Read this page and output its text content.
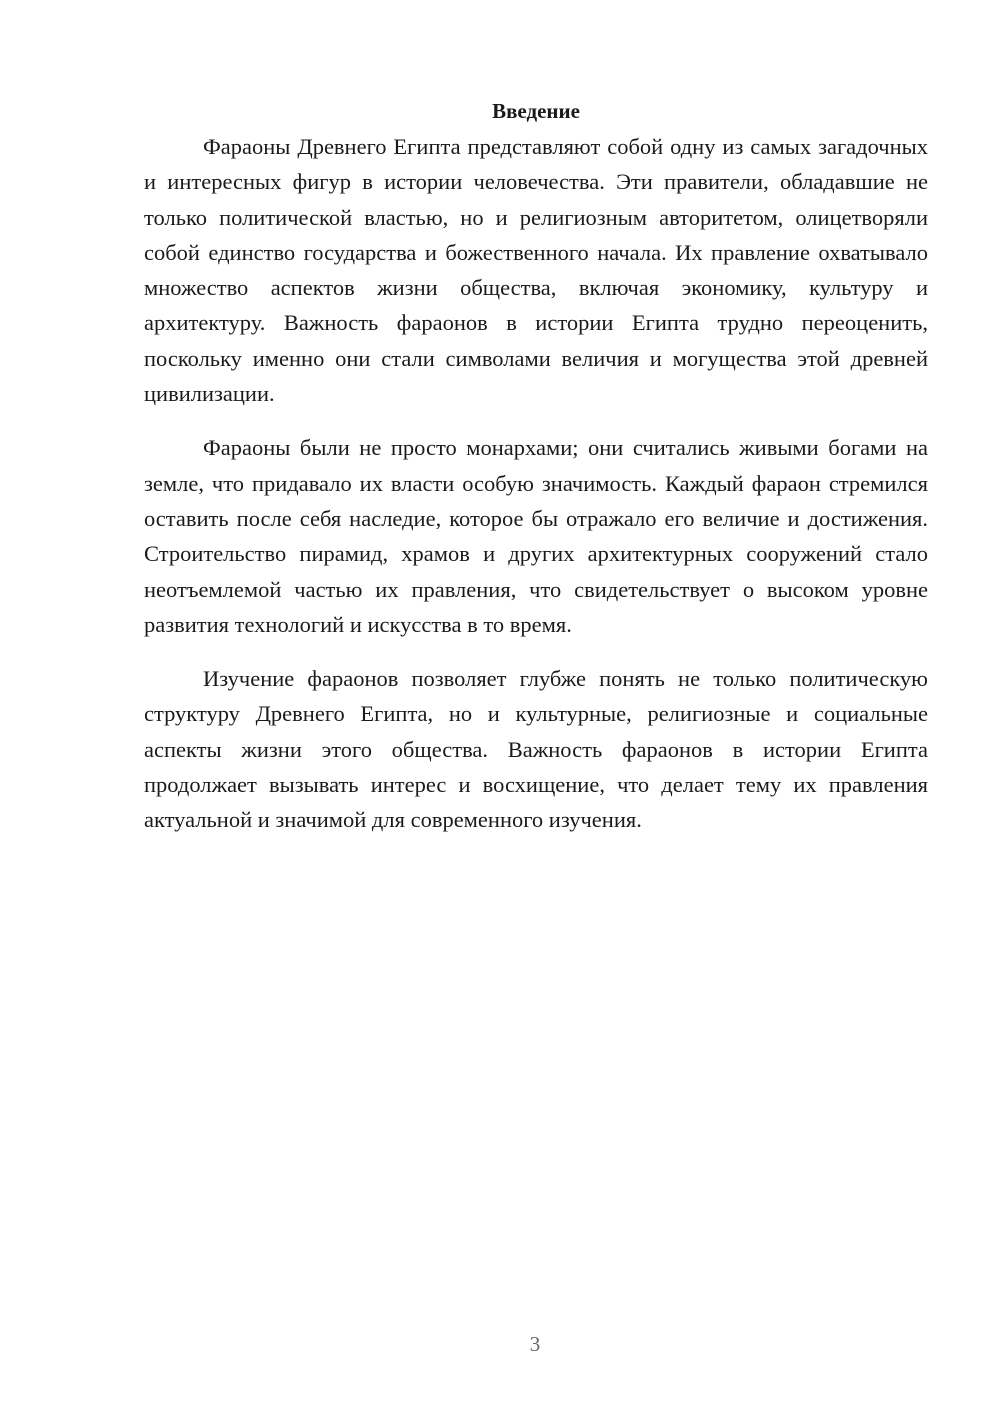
Введение

Фараоны Древнего Египта представляют собой одну из самых загадочных и интересных фигур в истории человечества. Эти правители, обладавшие не только политической властью, но и религиозным авторитетом, олицетворяли собой единство государства и божественного начала. Их правление охватывало множество аспектов жизни общества, включая экономику, культуру и архитектуру. Важность фараонов в истории Египта трудно переоценить, поскольку именно они стали символами величия и могущества этой древней цивилизации.

Фараоны были не просто монархами; они считались живыми богами на земле, что придавало их власти особую значимость. Каждый фараон стремился оставить после себя наследие, которое бы отражало его величие и достижения. Строительство пирамид, храмов и других архитектурных сооружений стало неотъемлемой частью их правления, что свидетельствует о высоком уровне развития технологий и искусства в то время.

Изучение фараонов позволяет глубже понять не только политическую структуру Древнего Египта, но и культурные, религиозные и социальные аспекты жизни этого общества. Важность фараонов в истории Египта продолжает вызывать интерес и восхищение, что делает тему их правления актуальной и значимой для современного изучения.

3
